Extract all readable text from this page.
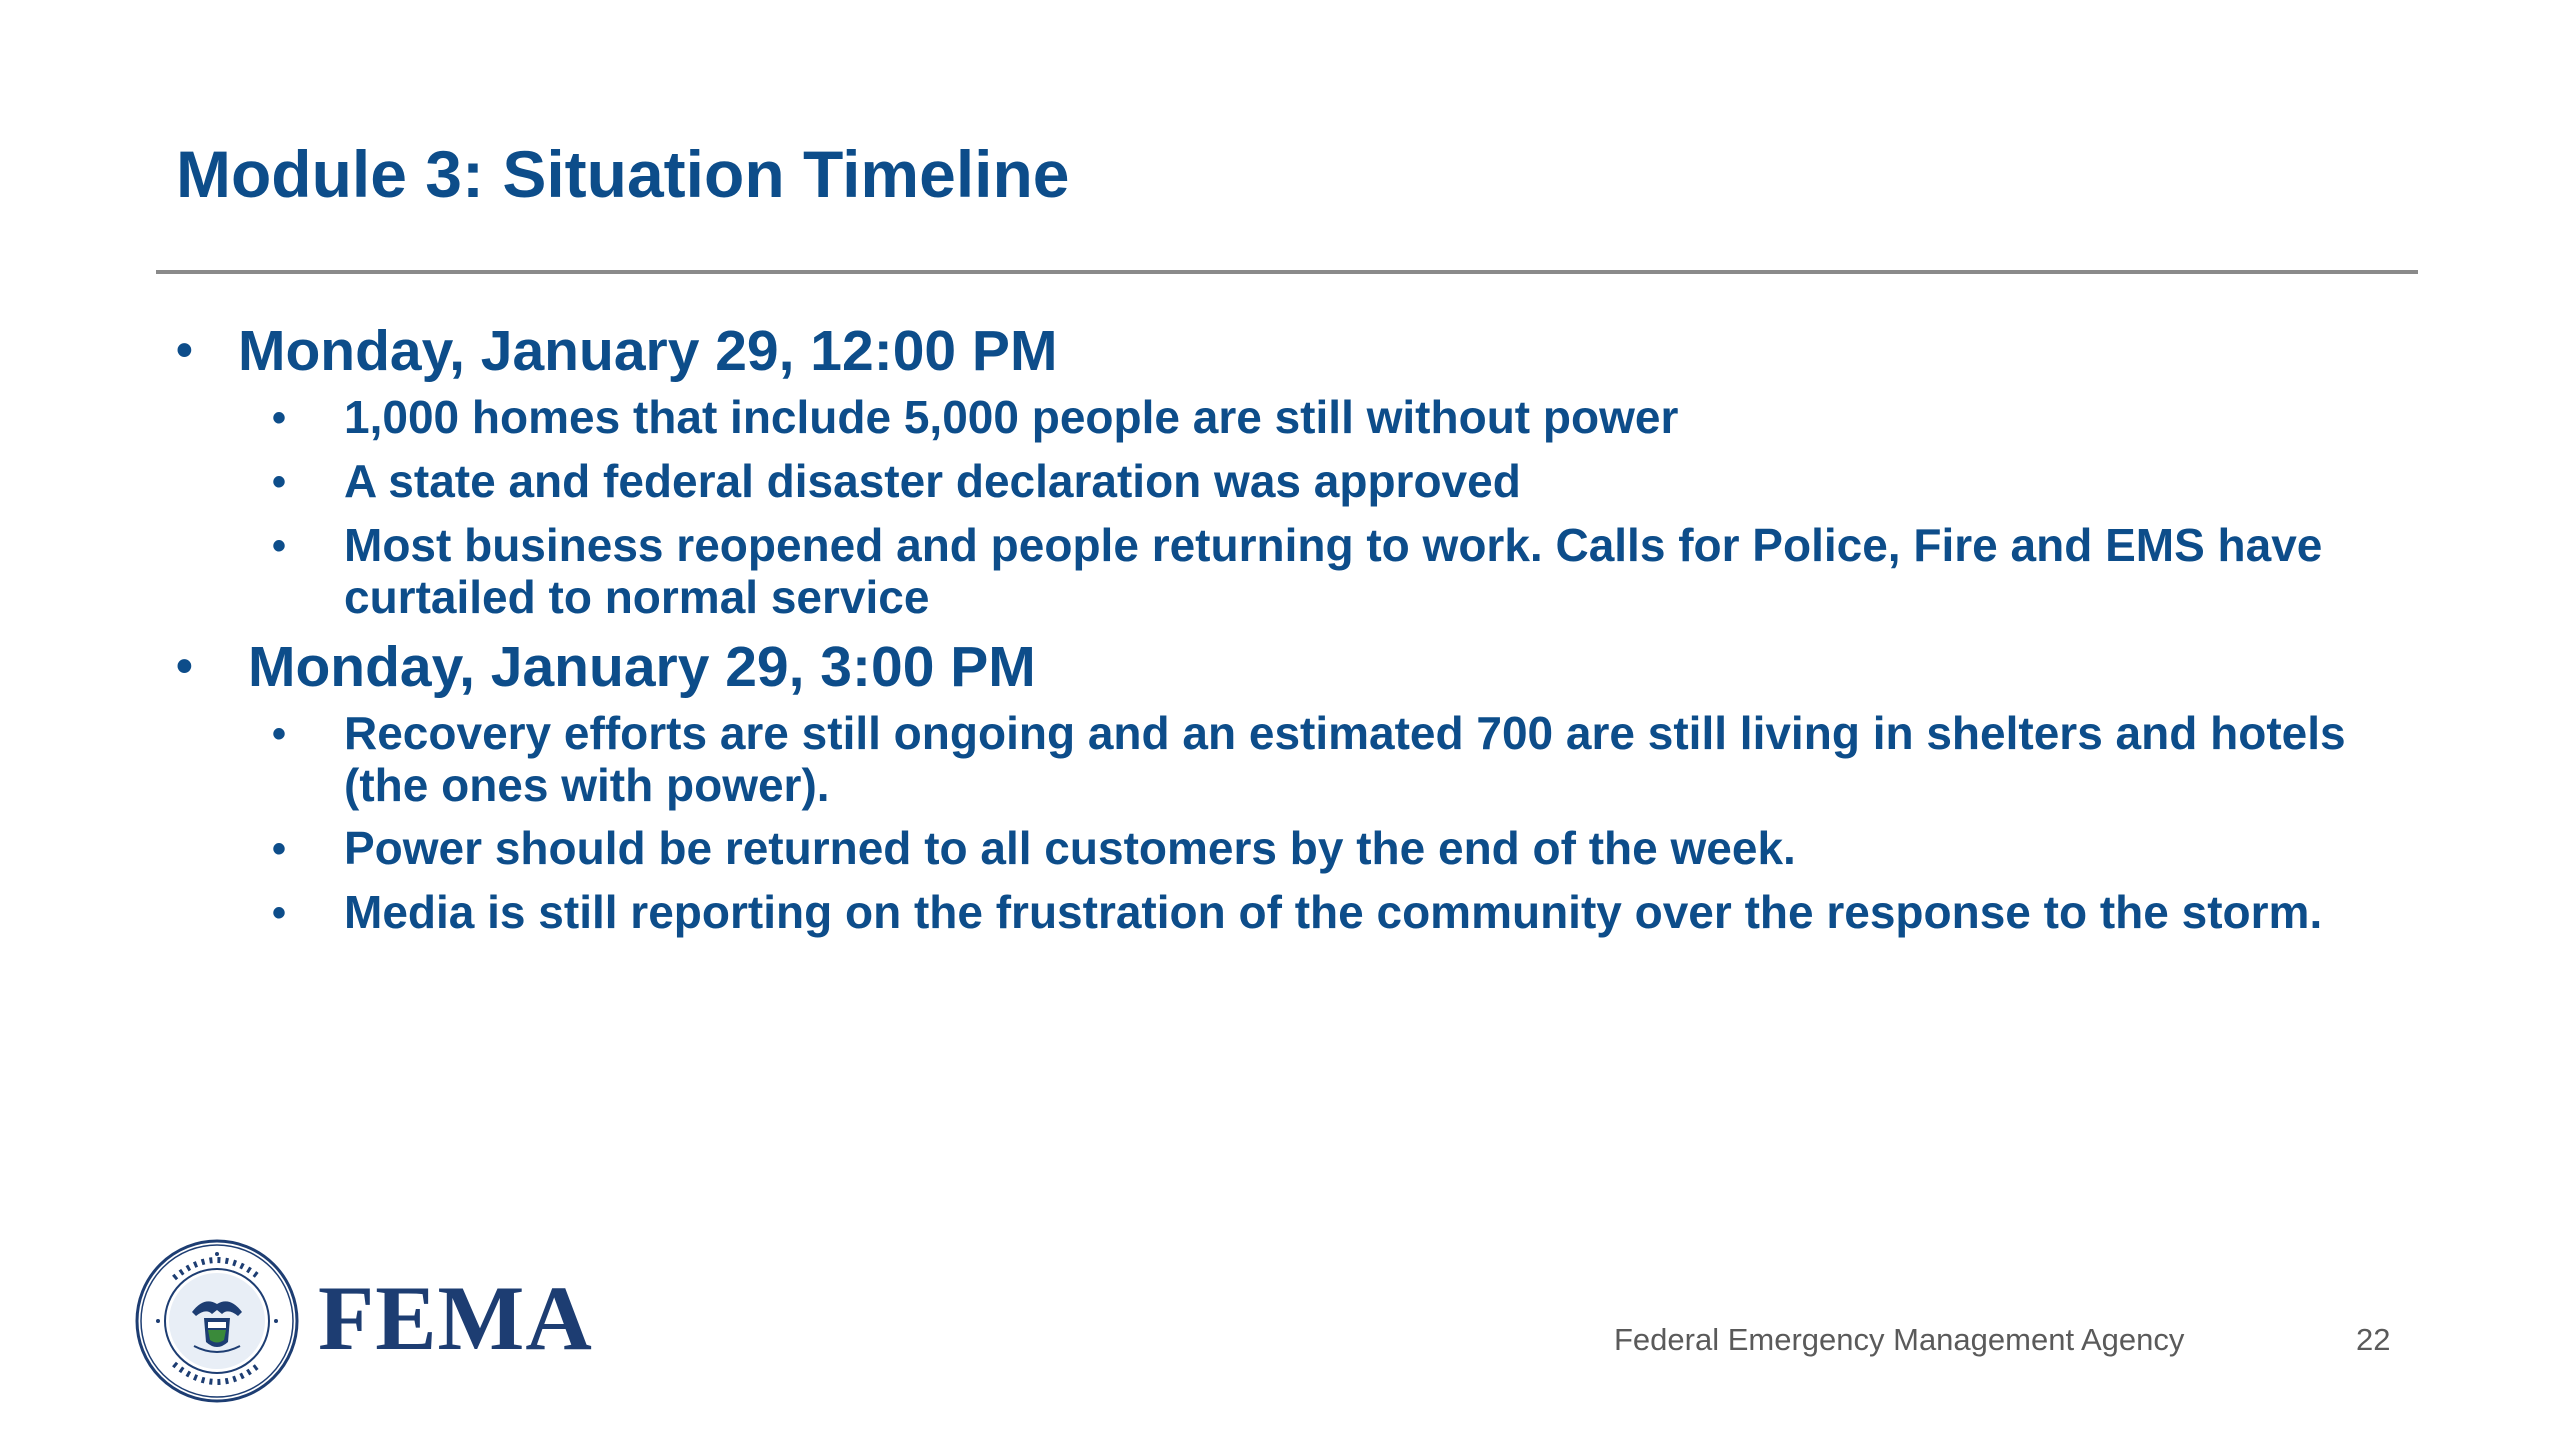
Module 3: Situation Timeline
• Monday, January 29, 12:00 PM
• 1,000 homes that include 5,000 people are still without power
• A state and federal disaster declaration was approved
• Most business reopened and people returning to work. Calls for Police, Fire and EMS have curtailed to normal service
• Monday, January 29, 3:00 PM
• Recovery efforts are still ongoing and an estimated 700 are still living in shelters and hotels (the ones with power).
• Power should be returned to all customers by the end of the week.
• Media is still reporting on the frustration of the community over the response to the storm.
FEMA	Federal Emergency Management Agency	22
